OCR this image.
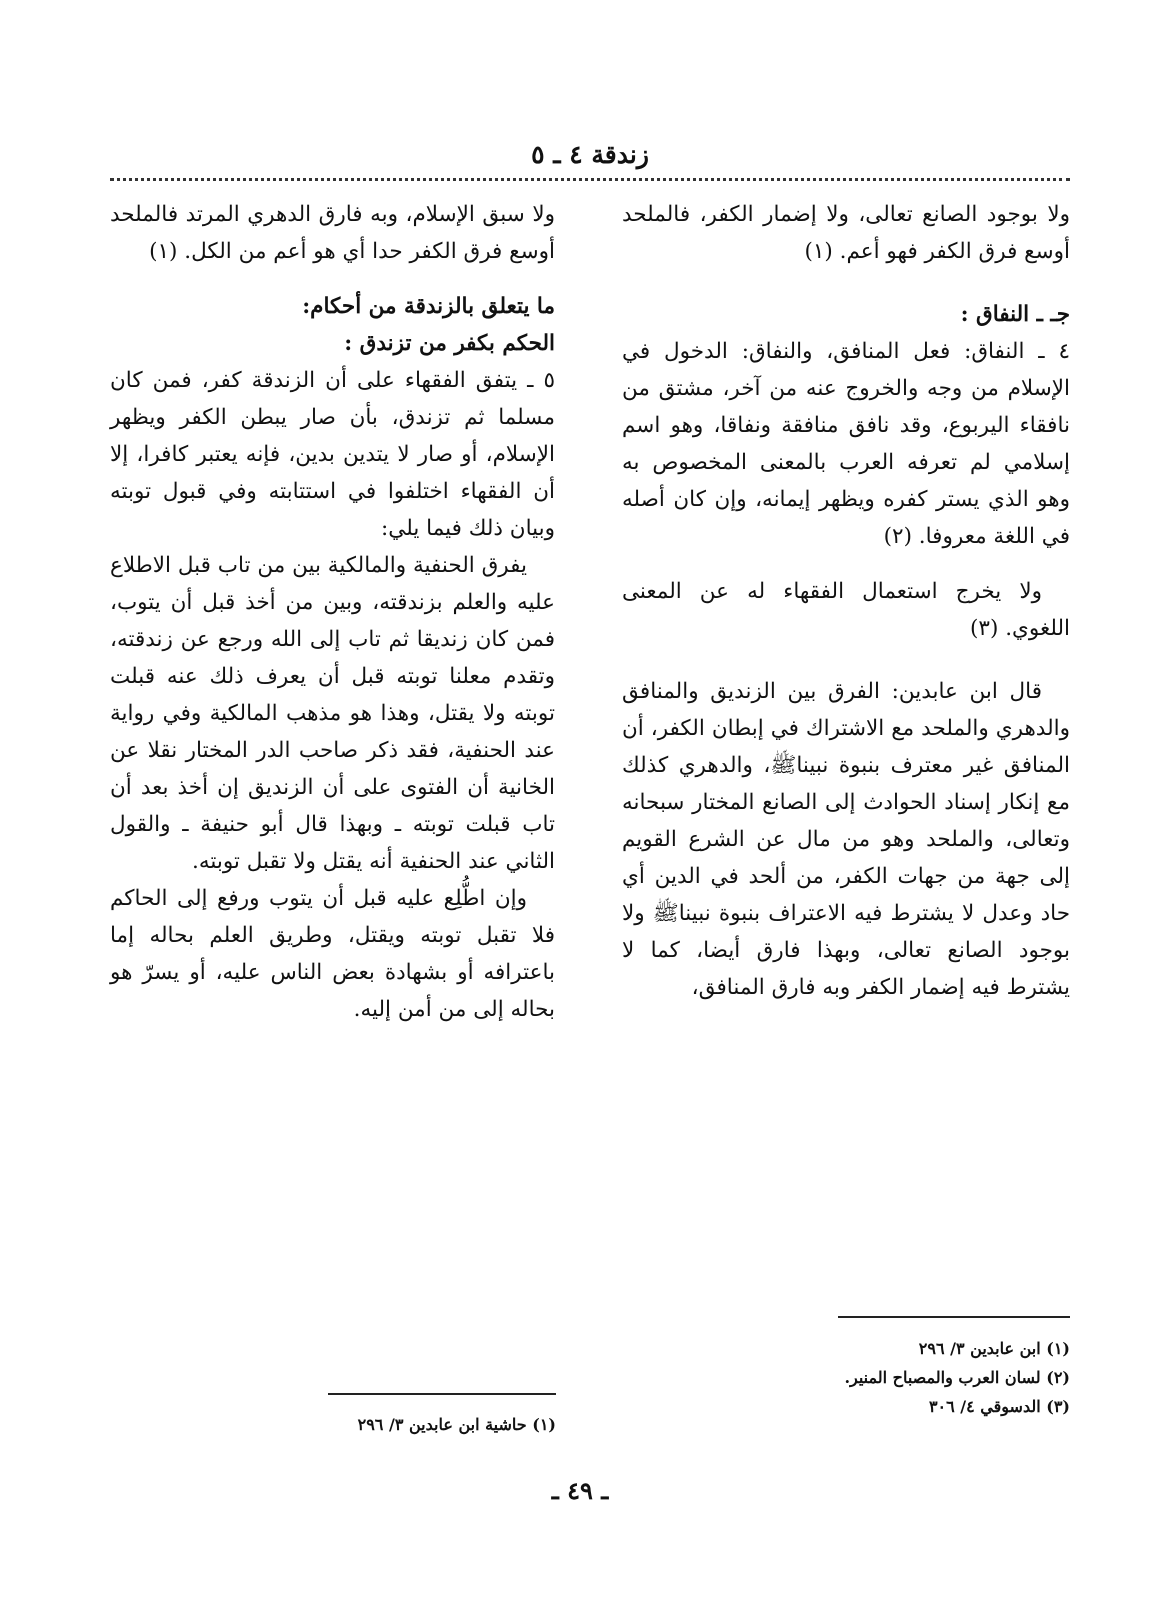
زندقة ٤ ـ ٥

ولا بوجود الصانع تعالى، ولا إضمار الكفر، فالملحد أوسع فرق الكفر فهو أعم. (١)

جـ ـ النفاق :

٤ ـ النفاق: فعل المنافق، والنفاق: الدخول في الإسلام من وجه والخروج عنه من آخر، مشتق من نافقاء اليربوع، وقد نافق منافقة ونفاقا، وهو اسم إسلامي لم تعرفه العرب بالمعنى المخصوص به وهو الذي يستر كفره ويظهر إيمانه، وإن كان أصله في اللغة معروفا. (٢)

ولا يخرج استعمال الفقهاء له عن المعنى اللغوي. (٣)

قال ابن عابدين: الفرق بين الزنديق والمنافق والدهري والملحد مع الاشتراك في إبطان الكفر، أن المنافق غير معترف بنبوة نبيناﷺ، والدهري كذلك مع إنكار إسناد الحوادث إلى الصانع المختار سبحانه وتعالى، والملحد وهو من مال عن الشرع القويم إلى جهة من جهات الكفر، من ألحد في الدين أي حاد وعدل لا يشترط فيه الاعتراف بنبوة نبيناﷺ ولا بوجود الصانع تعالى، وبهذا فارق أيضا، كما لا يشترط فيه إضمار الكفر وبه فارق المنافق،

ولا سبق الإسلام، وبه فارق الدهري المرتد فالملحد أوسع فرق الكفر حدا أي هو أعم من الكل. (١)

ما يتعلق بالزندقة من أحكام:

الحكم بكفر من تزندق :

٥ ـ يتفق الفقهاء على أن الزندقة كفر، فمن كان مسلما ثم تزندق، بأن صار يبطن الكفر ويظهر الإسلام، أو صار لا يتدين بدين، فإنه يعتبر كافرا، إلا أن الفقهاء اختلفوا في استتابته وفي قبول توبته وبيان ذلك فيما يلي:

يفرق الحنفية والمالكية بين من تاب قبل الاطلاع عليه والعلم بزندقته، وبين من أخذ قبل أن يتوب، فمن كان زنديقا ثم تاب إلى الله ورجع عن زندقته، وتقدم معلنا توبته قبل أن يعرف ذلك عنه قبلت توبته ولا يقتل، وهذا هو مذهب المالكية وفي رواية عند الحنفية، فقد ذكر صاحب الدر المختار نقلا عن الخانية أن الفتوى على أن الزنديق إن أخذ بعد أن تاب قبلت توبته ـ وبهذا قال أبو حنيفة ـ والقول الثاني عند الحنفية أنه يقتل ولا تقبل توبته.

وإن اطُّلِع عليه قبل أن يتوب ورفع إلى الحاكم فلا تقبل توبته ويقتل، وطريق العلم بحاله إما باعترافه أو بشهادة بعض الناس عليه، أو يسرّ هو بحاله إلى من أمن إليه.

(١) ابن عابدين ٣/ ٢٩٦
(٢) لسان العرب والمصباح المنير.
(٣) الدسوقي ٤/ ٣٠٦
(١) حاشية ابن عابدين ٣/ ٢٩٦
ـ ٤٩ ـ
